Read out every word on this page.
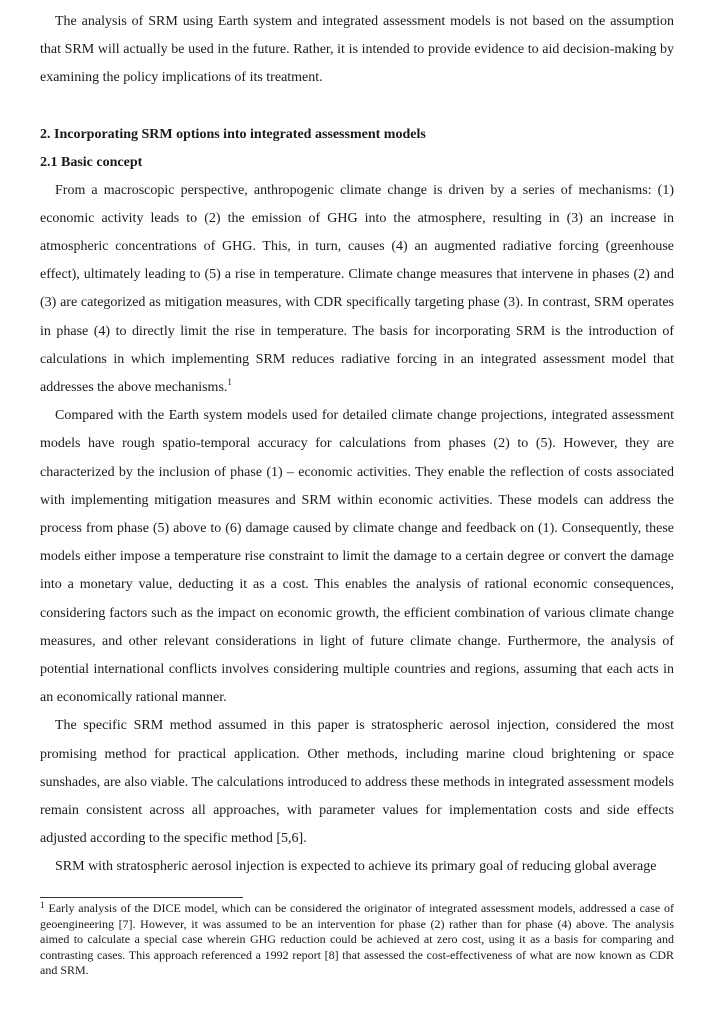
The analysis of SRM using Earth system and integrated assessment models is not based on the assumption that SRM will actually be used in the future. Rather, it is intended to provide evidence to aid decision-making by examining the policy implications of its treatment.

2. Incorporating SRM options into integrated assessment models
2.1 Basic concept

From a macroscopic perspective, anthropogenic climate change is driven by a series of mechanisms: (1) economic activity leads to (2) the emission of GHG into the atmosphere, resulting in (3) an increase in atmospheric concentrations of GHG. This, in turn, causes (4) an augmented radiative forcing (greenhouse effect), ultimately leading to (5) a rise in temperature. Climate change measures that intervene in phases (2) and (3) are categorized as mitigation measures, with CDR specifically targeting phase (3). In contrast, SRM operates in phase (4) to directly limit the rise in temperature. The basis for incorporating SRM is the introduction of calculations in which implementing SRM reduces radiative forcing in an integrated assessment model that addresses the above mechanisms.$^1$

Compared with the Earth system models used for detailed climate change projections, integrated assessment models have rough spatio-temporal accuracy for calculations from phases (2) to (5). However, they are characterized by the inclusion of phase (1) – economic activities. They enable the reflection of costs associated with implementing mitigation measures and SRM within economic activities. These models can address the process from phase (5) above to (6) damage caused by climate change and feedback on (1). Consequently, these models either impose a temperature rise constraint to limit the damage to a certain degree or convert the damage into a monetary value, deducting it as a cost. This enables the analysis of rational economic consequences, considering factors such as the impact on economic growth, the efficient combination of various climate change measures, and other relevant considerations in light of future climate change. Furthermore, the analysis of potential international conflicts involves considering multiple countries and regions, assuming that each acts in an economically rational manner.

The specific SRM method assumed in this paper is stratospheric aerosol injection, considered the most promising method for practical application. Other methods, including marine cloud brightening or space sunshades, are also viable. The calculations introduced to address these methods in integrated assessment models remain consistent across all approaches, with parameter values for implementation costs and side effects adjusted according to the specific method [5,6].

SRM with stratospheric aerosol injection is expected to achieve its primary goal of reducing global average

$^1$ Early analysis of the DICE model, which can be considered the originator of integrated assessment models, addressed a case of geoengineering [7]. However, it was assumed to be an intervention for phase (2) rather than for phase (4) above. The analysis aimed to calculate a special case wherein GHG reduction could be achieved at zero cost, using it as a basis for comparing and contrasting cases. This approach referenced a 1992 report [8] that assessed the cost-effectiveness of what are now known as CDR and SRM.
